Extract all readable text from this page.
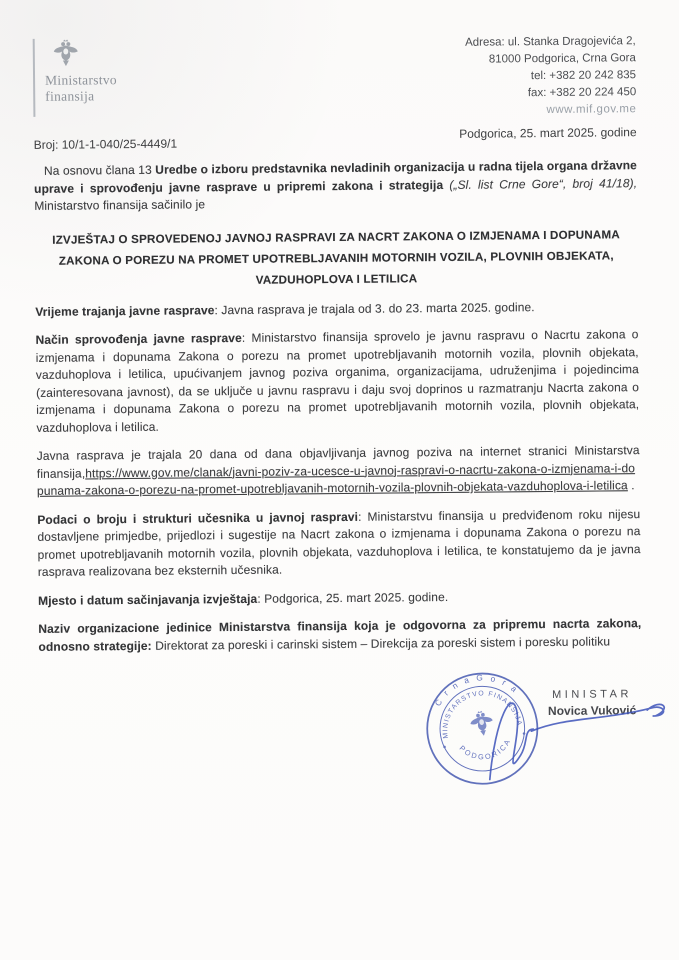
Ministarstvo
finansija
Adresa: ul. Stanka Dragojevića 2,
81000 Podgorica, Crna Gora
tel: +382 20 242 835
fax: +382 20 224 450
www.mif.gov.me
Broj: 10/1-1-040/25-4449/1
Podgorica, 25. mart 2025. godine

Na osnovu člana 13 Uredbe o izboru predstavnika nevladinih organizacija u radna tijela organa državne uprave i sprovođenju javne rasprave u pripremi zakona i strategija („Sl. list Crne Gore“, broj 41/18), Ministarstvo finansija sačinilo je

IZVJEŠTAJ O SPROVEDENOJ JAVNOJ RASPRAVI ZA NACRT ZAKONA O IZMJENAMA I DOPUNAMA ZAKONA O POREZU NA PROMET UPOTREBLJAVANIH MOTORNIH VOZILA, PLOVNIH OBJEKATA, VAZDUHOPLOVA I LETILICA

Vrijeme trajanja javne rasprave: Javna rasprava je trajala od 3. do 23. marta 2025. godine.

Način sprovođenja javne rasprave: Ministarstvo finansija sprovelo je javnu raspravu o Nacrtu zakona o izmjenama i dopunama Zakona o porezu na promet upotrebljavanih motornih vozila, plovnih objekata, vazduhoplova i letilica, upućivanjem javnog poziva organima, organizacijama, udruženjima i pojedincima (zainteresovana javnost), da se uključe u javnu raspravu i daju svoj doprinos u razmatranju Nacrta zakona o izmjenama i dopunama Zakona o porezu na promet upotrebljavanih motornih vozila, plovnih objekata, vazduhoplova i letilica.

Javna rasprava je trajala 20 dana od dana objavljivanja javnog poziva na internet stranici Ministarstva finansija,https://www.gov.me/clanak/javni-poziv-za-ucesce-u-javnoj-raspravi-o-nacrtu-zakona-o-izmjenama-i-dopunama-zakona-o-porezu-na-promet-upotrebljavanih-motornih-vozila-plovnih-objekata-vazduhoplova-i-letilica .

Podaci o broju i strukturi učesnika u javnoj raspravi: Ministarstvu finansija u predviđenom roku nijesu dostavljene primjedbe, prijedlozi i sugestije na Nacrt zakona o izmjenama i dopunama Zakona o porezu na promet upotrebljavanih motornih vozila, plovnih objekata, vazduhoplova i letilica, te konstatujemo da je javna rasprava realizovana bez eksternih učesnika.

Mjesto i datum sačinjavanja izvještaja: Podgorica, 25. mart 2025. godine.

Naziv organizacione jedinice Ministarstva finansija koja je odgovorna za pripremu nacrta zakona, odnosno strategije: Direktorat za poreski i carinski sistem – Direkcija za poreski sistem i poresku politiku

C r n a G o r a
MINISTARSTVO FINANSIJA
PODGORICA
MINISTAR
Novica Vuković
